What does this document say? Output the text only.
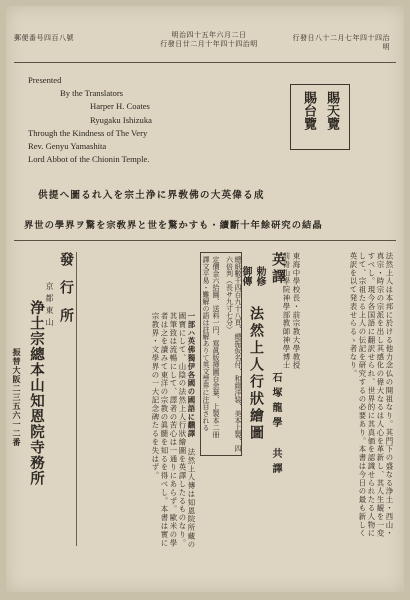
郵便番号四百八號	明治四十五年六月二日
行發日廿二月十年四十四治明
行發日八十二月七年四十四治明
Presented
By the Translators
Harper H. Coates
Ryugaku Ishizuka
Through the Kindness of The Very
Rev. Genyu Yamashita
Lord Abbot of the Chionin Temple.
賜天覽
賜台覽
供提へ圖るれ入を宗土浄に界敎佛の大英偉る成
界世の學界ヲ驚を宗敎界と世を驚かすも・續斷十年餘研究の結晶
法然上人は本邦に於ける他力念仏の開祖なり。其門下の盛なる浄土・西山・真宗・時宗の宗派を出し其感化の偉大なるは人心を革新し、其人生観を一変すべし。現今各国語に翻訳せられ、世界的に其真価を認識せられたる人物にして、宗祖たる上人の伝記を研究するの必要あり。本書は今日の最も新しく英訳を以て発表せらるゝ者なり。
英譯
勅修
御傳
法然上人行狀繪圖	東海中學校長・前宗教大學教授
前青山學院神學部教師神學博士
石塚龍學 共譯
總紙數千四百九十八頁、總振仮名付、和綴洋装、美本上製、四六倍判（長サ九寸七分）
定價金六拾圓、送料一円、寫眞版挿圖百余葉、上製本二冊
譯文平易・難解の語は註解ありて英文學界に注目される
一部ハ英佛獨伊各國の國語に飜譯 法然上人傳は知恩院所藏の國寶にして、山陰の法然上人行狀繪圖を英譯したるものなり。其筆致は流暢にして、譯者の苦心は一通りにあらず。歐米の學者は之を讀みて東洋の宗教の眞髄を知るを得べし。本書は實に宗教界・文學界の一大記念碑たるを失はず。
發行所
京都東山
浄土宗總本山知恩院寺務所
振替大阪二三五六一二番
